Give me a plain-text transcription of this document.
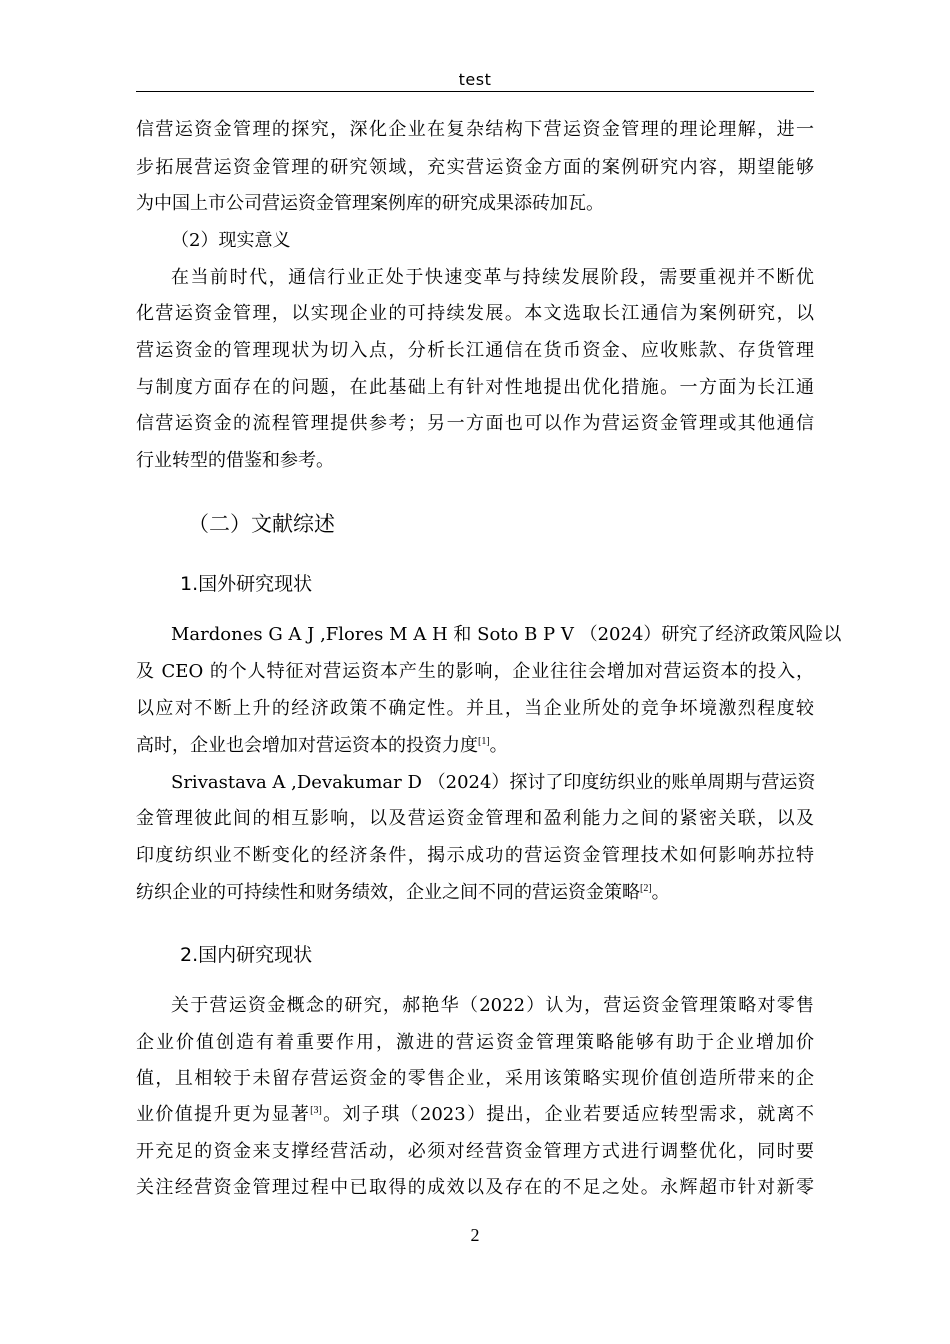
test
信营运资金管理的探究，深化企业在复杂结构下营运资金管理的理论理解，进一
步拓展营运资金管理的研究领域，充实营运资金方面的案例研究内容，期望能够
为中国上市公司营运资金管理案例库的研究成果添砖加瓦。
（2）现实意义
在当前时代，通信行业正处于快速变革与持续发展阶段，需要重视并不断优
化营运资金管理，以实现企业的可持续发展。本文选取长江通信为案例研究，以
营运资金的管理现状为切入点，分析长江通信在货币资金、应收账款、存货管理
与制度方面存在的问题，在此基础上有针对性地提出优化措施。一方面为长江通
信营运资金的流程管理提供参考；另一方面也可以作为营运资金管理或其他通信
行业转型的借鉴和参考。
（二）文献综述
1.国外研究现状
Mardones G A J ,Flores M A H 和 Soto B P V （2024）研究了经济政策风险以
及 CEO 的个人特征对营运资本产生的影响，企业往往会增加对营运资本的投入，
以应对不断上升的经济政策不确定性。并且，当企业所处的竞争坏境激烈程度较
高时，企业也会增加对营运资本的投资力度[1]。
Srivastava A ,Devakumar D （2024）探讨了印度纺织业的账单周期与营运资
金管理彼此间的相互影响，以及营运资金管理和盈利能力之间的紧密关联，以及
印度纺织业不断变化的经济条件，揭示成功的营运资金管理技术如何影响苏拉特
纺织企业的可持续性和财务绩效，企业之间不同的营运资金策略[2]。
2.国内研究现状
关于营运资金概念的研究，郝艳华（2022）认为，营运资金管理策略对零售
企业价值创造有着重要作用，激进的营运资金管理策略能够有助于企业增加价
值，且相较于未留存营运资金的零售企业，采用该策略实现价值创造所带来的企
业价值提升更为显著[3]。刘子琪（2023）提出，企业若要适应转型需求，就离不
开充足的资金来支撑经营活动，必须对经营资金管理方式进行调整优化，同时要
关注经营资金管理过程中已取得的成效以及存在的不足之处。永辉超市针对新零
2
